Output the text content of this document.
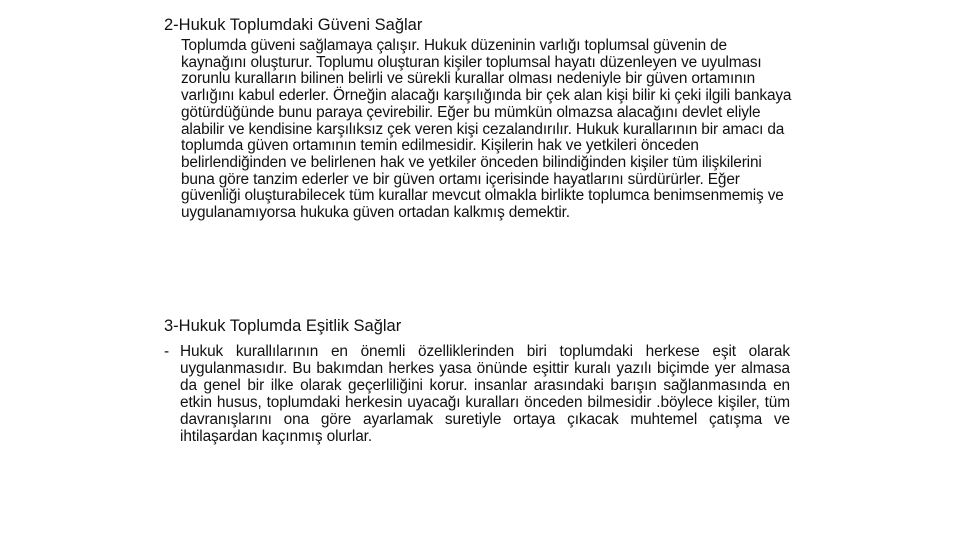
2-Hukuk Toplumdaki Güveni Sağlar

Toplumda güveni sağlamaya çalışır. Hukuk düzeninin varlığı toplumsal güvenin de kaynağını oluşturur. Toplumu oluşturan kişiler toplumsal hayatı düzenleyen ve uyulması zorunlu kuralların bilinen belirli ve sürekli kurallar olması nedeniyle bir güven ortamının varlığını kabul ederler. Örneğin alacağı karşılığında bir çek alan kişi bilir ki çeki ilgili bankaya götürdüğünde bunu paraya çevirebilir. Eğer bu mümkün olmazsa alacağını devlet eliyle alabilir ve kendisine karşılıksız çek veren kişi cezalandırılır. Hukuk kurallarının bir amacı da toplumda güven ortamının temin edilmesidir. Kişilerin hak ve yetkileri önceden belirlendiğinden ve belirlenen hak ve yetkiler önceden bilindiğinden kişiler tüm ilişkilerini buna göre tanzim ederler ve bir güven ortamı içerisinde hayatlarını sürdürürler. Eğer güvenliği oluşturabilecek tüm kurallar mevcut olmakla birlikte toplumca benimsenmemiş ve uygulanamıyorsa hukuka güven ortadan kalkmış demektir.

3-Hukuk Toplumda Eşitlik Sağlar

- Hukuk kurallılarının en önemli özelliklerinden biri toplumdaki herkese eşit olarak uygulanmasıdır. Bu bakımdan herkes yasa önünde eşittir kuralı yazılı biçimde yer almasa da genel bir ilke olarak geçerliliğini korur. insanlar arasındaki barışın sağlanmasında en etkin husus, toplumdaki herkesin uyacağı kuralları önceden bilmesidir .böylece kişiler, tüm davranışlarını ona göre ayarlamak suretiyle ortaya çıkacak muhtemel çatışma ve ihtilaşardan kaçınmış olurlar.
